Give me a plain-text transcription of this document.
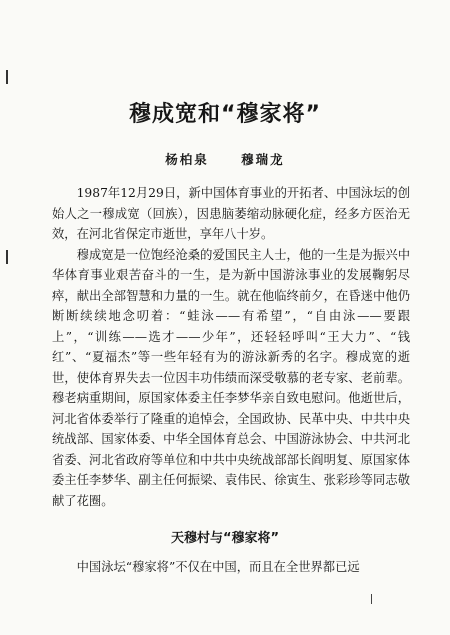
穆成宽和“穆家将”
杨柏泉	穆瑞龙

1987年12月29日，新中国体育事业的开拓者、中国泳坛的创始人之一穆成宽（回族），因患脑萎缩动脉硬化症，经多方医治无效，在河北省保定市逝世，享年八十岁。

穆成宽是一位饱经沧桑的爱国民主人士，他的一生是为振兴中华体育事业艰苦奋斗的一生，是为新中国游泳事业的发展鞠躬尽瘁，献出全部智慧和力量的一生。就在他临终前夕，在昏迷中他仍断断续续地念叨着：“蛙泳——有希望”，“自由泳——要跟上”，“训练——选才——少年”，还轻轻呼叫“王大力”、“钱红”、“夏福杰”等一些年轻有为的游泳新秀的名字。穆成宽的逝世，使体育界失去一位因丰功伟绩而深受敬慕的老专家、老前辈。穆老病重期间，原国家体委主任李梦华亲自致电慰问。他逝世后，河北省体委举行了隆重的追悼会，全国政协、民革中央、中共中央统战部、国家体委、中华全国体育总会、中国游泳协会、中共河北省委、河北省政府等单位和中共中央统战部部长阎明复、原国家体委主任李梦华、副主任何振梁、袁伟民、徐寅生、张彩珍等同志敬献了花圈。

天穆村与“穆家将”
中国泳坛“穆家将”不仅在中国，而且在全世界都已远
